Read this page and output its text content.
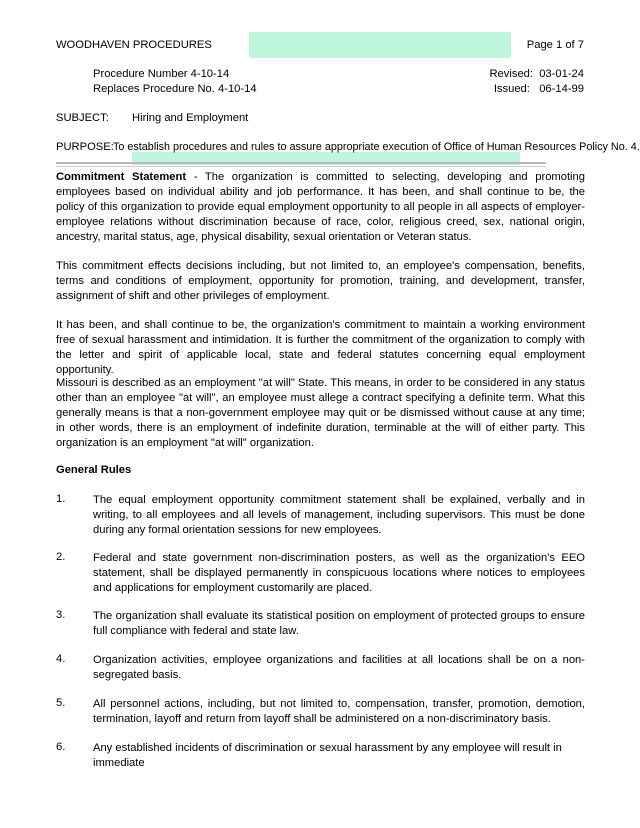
WOODHAVEN PROCEDURES	Page 1 of 7
Procedure Number 4-10-14
Replaces Procedure No. 4-10-14
Revised:  03-01-24
Issued:   06-14-99
SUBJECT: Hiring and Employment
PURPOSE: To establish procedures and rules to assure appropriate execution of Office of Human Resources Policy No. 4.

Commitment Statement - The organization is committed to selecting, developing and promoting employees based on individual ability and job performance. It has been, and shall continue to be, the policy of this organization to provide equal employment opportunity to all people in all aspects of employer-employee relations without discrimination because of race, color, religious creed, sex, national origin, ancestry, marital status, age, physical disability, sexual orientation or Veteran status.

This commitment effects decisions including, but not limited to, an employee's compensation, benefits, terms and conditions of employment, opportunity for promotion, training, and development, transfer, assignment of shift and other privileges of employment.

It has been, and shall continue to be, the organization's commitment to maintain a working environment free of sexual harassment and intimidation. It is further the commitment of the organization to comply with the letter and spirit of applicable local, state and federal statutes concerning equal employment opportunity.

Missouri is described as an employment "at will" State. This means, in order to be considered in any status other than an employee "at will", an employee must allege a contract specifying a definite term. What this generally means is that a non-government employee may quit or be dismissed without cause at any time; in other words, there is an employment of indefinite duration, terminable at the will of either party. This organization is an employment "at will" organization.

General Rules
1. The equal employment opportunity commitment statement shall be explained, verbally and in writing, to all employees and all levels of management, including supervisors. This must be done during any formal orientation sessions for new employees.

2. Federal and state government non-discrimination posters, as well as the organization's EEO statement, shall be displayed permanently in conspicuous locations where notices to employees and applications for employment customarily are placed.

3. The organization shall evaluate its statistical position on employment of protected groups to ensure full compliance with federal and state law.

4. Organization activities, employee organizations and facilities at all locations shall be on a non-segregated basis.

5. All personnel actions, including, but not limited to, compensation, transfer, promotion, demotion, termination, layoff and return from layoff shall be administered on a non-discriminatory basis.

6. Any established incidents of discrimination or sexual harassment by any employee will result in immediate
